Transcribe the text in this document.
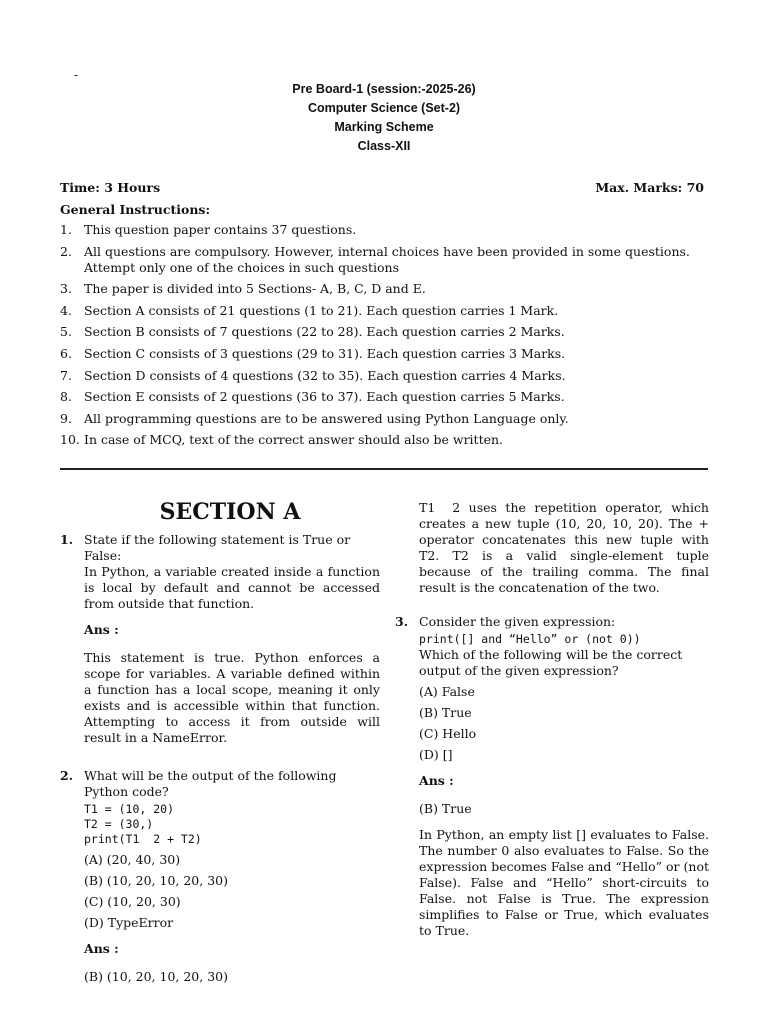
-
Pre Board-1 (session:-2025-26)
Computer Science (Set-2)
Marking Scheme
Class-XII
Time: 3 Hours	Max. Marks: 70
General Instructions:
1. This question paper contains 37 questions.
2. All questions are compulsory. However, internal choices have been provided in some questions. Attempt only one of the choices in such questions
3. The paper is divided into 5 Sections- A, B, C, D and E.
4. Section A consists of 21 questions (1 to 21). Each question carries 1 Mark.
5. Section B consists of 7 questions (22 to 28). Each question carries 2 Marks.
6. Section C consists of 3 questions (29 to 31). Each question carries 3 Marks.
7. Section D consists of 4 questions (32 to 35). Each question carries 4 Marks.
8. Section E consists of 2 questions (36 to 37). Each question carries 5 Marks.
9. All programming questions are to be answered using Python Language only.
10. In case of MCQ, text of the correct answer should also be written.
SECTION A
1. State if the following statement is True or False:
In Python, a variable created inside a function is local by default and cannot be accessed from outside that function.
Ans :
This statement is true. Python enforces a scope for variables. A variable defined within a function has a local scope, meaning it only exists and is accessible within that function. Attempting to access it from outside will result in a NameError.
2. What will be the output of the following Python code?
T1 = (10, 20)
T2 = (30,)
print(T1  2 + T2)
(A) (20, 40, 30)
(B) (10, 20, 10, 20, 30)
(C) (10, 20, 30)
(D) TypeError
Ans :
(B) (10, 20, 10, 20, 30)
T1  2 uses the repetition operator, which creates a new tuple (10, 20, 10, 20). The + operator concatenates this new tuple with T2. T2 is a valid single-element tuple because of the trailing comma. The final result is the concatenation of the two.
3. Consider the given expression:
print([] and “Hello” or (not 0))
Which of the following will be the correct output of the given expression?
(A) False
(B) True
(C) Hello
(D) []
Ans :
(B) True
In Python, an empty list [] evaluates to False. The number 0 also evaluates to False. So the expression becomes False and “Hello” or (not False). False and “Hello” short-circuits to False. not False is True. The expression simplifies to False or True, which evaluates to True.
